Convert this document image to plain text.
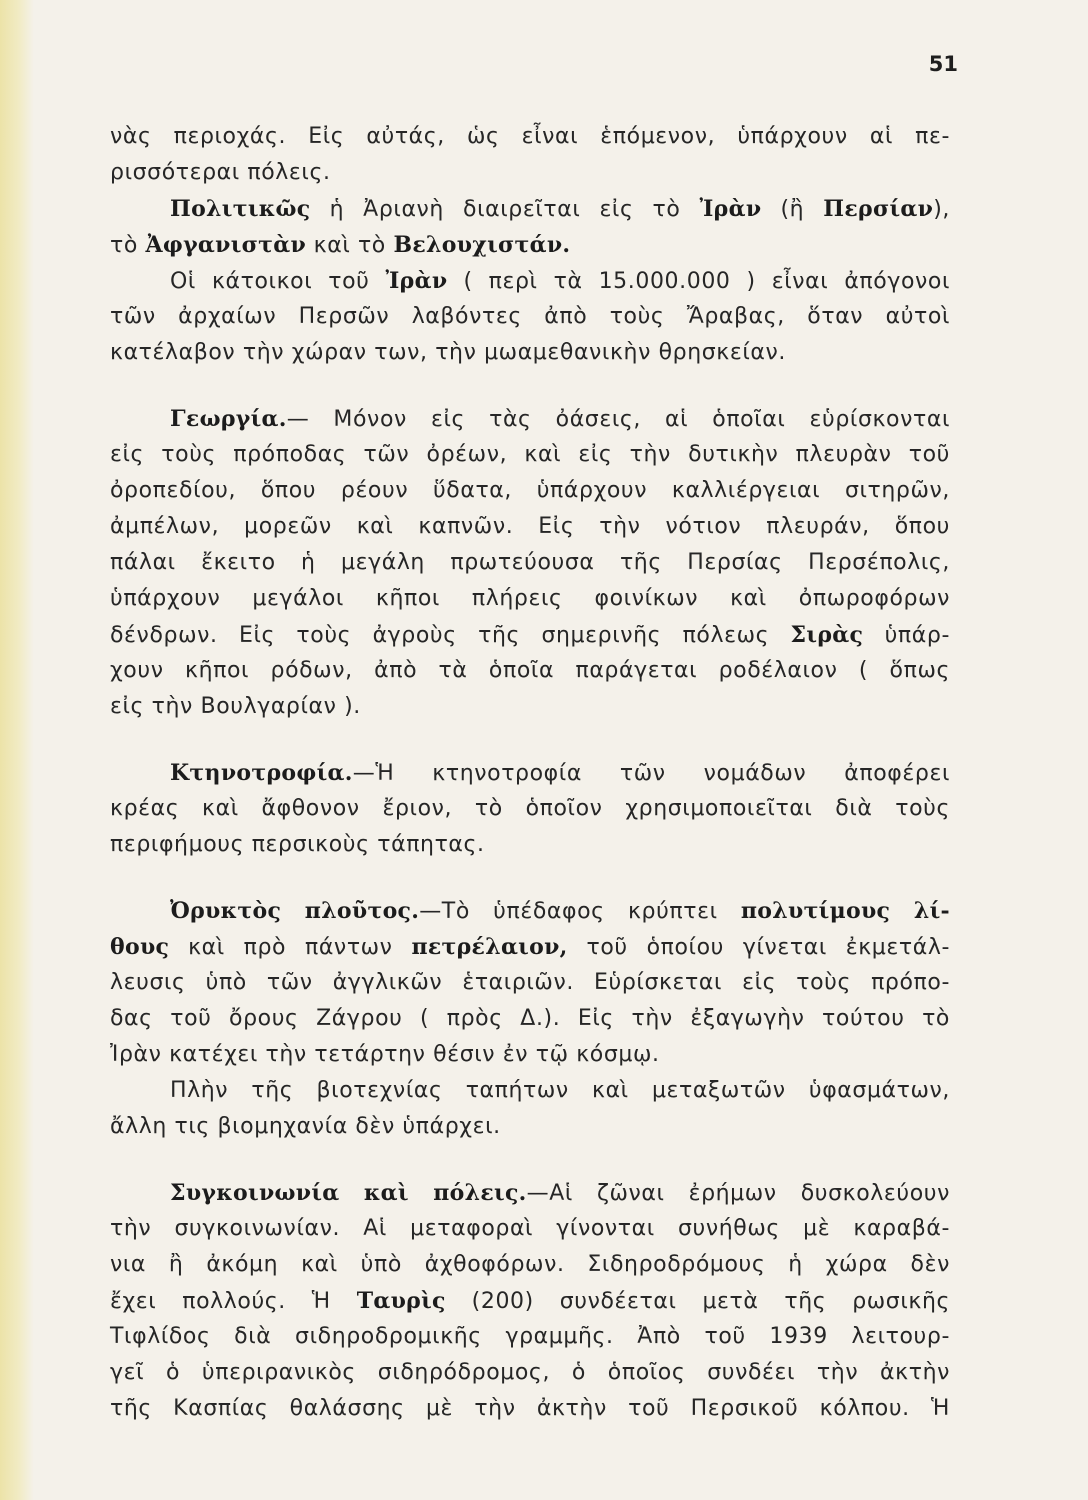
51
νὰς περιοχάς. Εἰς αὐτάς, ὡς εἶναι ἑπόμενον, ὑπάρχουν αἱ πε-
ρισσότεραι πόλεις.
Πολιτικῶς ἡ Ἀριανὴ διαιρεῖται εἰς τὸ Ἰρὰν (ἢ Περσίαν),
τὸ Ἀφγανιστὰν καὶ τὸ Βελουχιστάν.
Οἱ κάτοικοι τοῦ Ἰρὰν ( περὶ τὰ 15.000.000 ) εἶναι ἀπόγονοι
τῶν ἀρχαίων Περσῶν λαβόντες ἀπὸ τοὺς Ἄραβας, ὅταν αὐτοὶ
κατέλαβον τὴν χώραν των, τὴν μωαμεθανικὴν θρησκείαν.
Γεωργία.— Μόνον εἰς τὰς ὀάσεις, αἱ ὁποῖαι εὑρίσκονται
εἰς τοὺς πρόποδας τῶν ὀρέων, καὶ εἰς τὴν δυτικὴν πλευρὰν τοῦ
ὀροπεδίου, ὅπου ρέουν ὕδατα, ὑπάρχουν καλλιέργειαι σιτηρῶν,
ἀμπέλων, μορεῶν καὶ καπνῶν. Εἰς τὴν νότιον πλευράν, ὅπου
πάλαι ἔκειτο ἡ μεγάλη πρωτεύουσα τῆς Περσίας Περσέπολις,
ὑπάρχουν μεγάλοι κῆποι πλήρεις φοινίκων καὶ ὀπωροφόρων
δένδρων. Εἰς τοὺς ἀγροὺς τῆς σημερινῆς πόλεως Σιρὰς ὑπάρ-
χουν κῆποι ρόδων, ἀπὸ τὰ ὁποῖα παράγεται ροδέλαιον ( ὅπως
εἰς τὴν Βουλγαρίαν ).
Κτηνοτροφία.—Ἡ κτηνοτροφία τῶν νομάδων ἀποφέρει
κρέας καὶ ἄφθονον ἔριον, τὸ ὁποῖον χρησιμοποιεῖται διὰ τοὺς
περιφήμους περσικοὺς τάπητας.
Ὀρυκτὸς πλοῦτος.—Τὸ ὑπέδαφος κρύπτει πολυτίμους λί-
θους καὶ πρὸ πάντων πετρέλαιον, τοῦ ὁποίου γίνεται ἐκμετάλ-
λευσις ὑπὸ τῶν ἀγγλικῶν ἑταιριῶν. Εὑρίσκεται εἰς τοὺς πρόπο-
δας τοῦ ὄρους Ζάγρου ( πρὸς Δ.). Εἰς τὴν ἐξαγωγὴν τούτου τὸ
Ἰρὰν κατέχει τὴν τετάρτην θέσιν ἐν τῷ κόσμῳ.
Πλὴν τῆς βιοτεχνίας ταπήτων καὶ μεταξωτῶν ὑφασμάτων,
ἄλλη τις βιομηχανία δὲν ὑπάρχει.
Συγκοινωνία καὶ πόλεις.—Αἱ ζῶναι ἐρήμων δυσκολεύουν
τὴν συγκοινωνίαν. Αἱ μεταφοραὶ γίνονται συνήθως μὲ καραβά-
νια ἢ ἀκόμη καὶ ὑπὸ ἀχθοφόρων. Σιδηροδρόμους ἡ χώρα δὲν
ἔχει πολλούς. Ἡ Ταυρὶς (200) συνδέεται μετὰ τῆς ρωσικῆς
Τιφλίδος διὰ σιδηροδρομικῆς γραμμῆς. Ἀπὸ τοῦ 1939 λειτουρ-
γεῖ ὁ ὑπεριρανικὸς σιδηρόδρομος, ὁ ὁποῖος συνδέει τὴν ἀκτὴν
τῆς Κασπίας θαλάσσης μὲ τὴν ἀκτὴν τοῦ Περσικοῦ κόλπου. Ἡ
